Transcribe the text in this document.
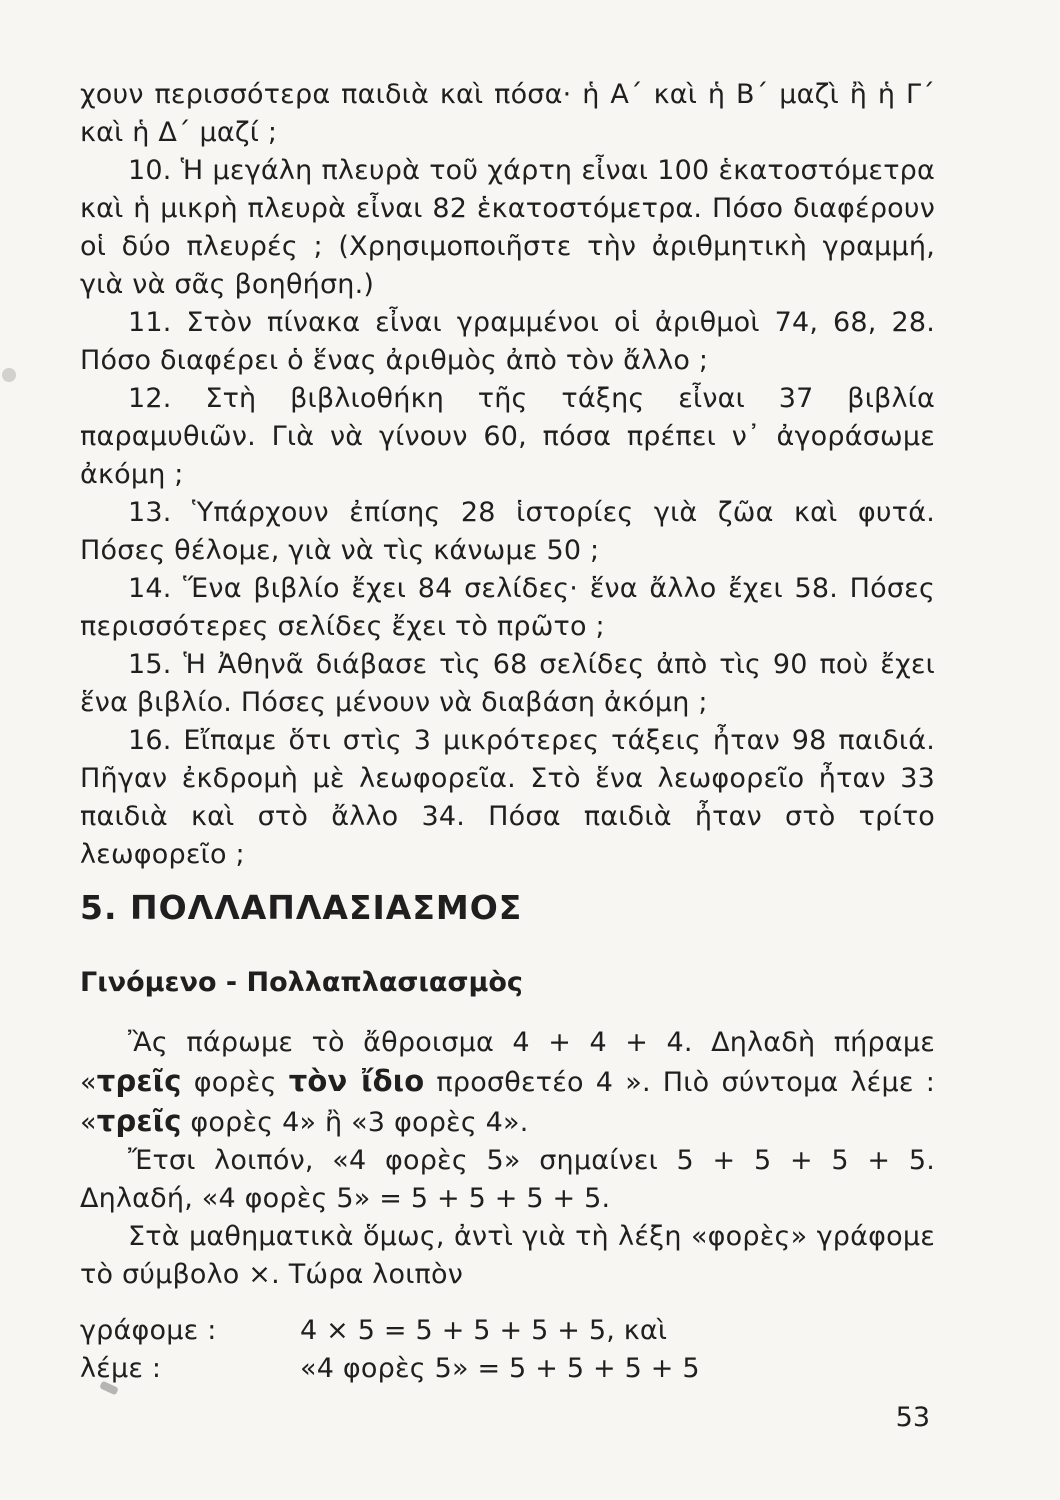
χουν περισσότερα παιδιὰ καὶ πόσα· ἡ Α΄ καὶ ἡ Β΄ μαζὶ ἢ ἡ Γ΄ καὶ ἡ Δ΄ μαζί ;

10. Ἡ μεγάλη πλευρὰ τοῦ χάρτη εἶναι 100 ἑκατοστόμετρα καὶ ἡ μικρὴ πλευρὰ εἶναι 82 ἑκατοστόμετρα. Πόσο διαφέρουν οἱ δύο πλευρές ; (Χρησιμοποιῆστε τὴν ἀριθμητικὴ γραμμή, γιὰ νὰ σᾶς βοηθήση.)

11. Στὸν πίνακα εἶναι γραμμένοι οἱ ἀριθμοὶ 74, 68, 28. Πόσο διαφέρει ὁ ἕνας ἀριθμὸς ἀπὸ τὸν ἄλλο ;

12. Στὴ βιβλιοθήκη τῆς τάξης εἶναι 37 βιβλία παραμυθιῶν. Γιὰ νὰ γίνουν 60, πόσα πρέπει ν᾽ ἀγοράσωμε ἀκόμη ;

13. Ὑπάρχουν ἐπίσης 28 ἱστορίες γιὰ ζῶα καὶ φυτά. Πόσες θέλομε, γιὰ νὰ τὶς κάνωμε 50 ;

14. Ἕνα βιβλίο ἔχει 84 σελίδες· ἕνα ἄλλο ἔχει 58. Πόσες περισσότερες σελίδες ἔχει τὸ πρῶτο ;

15. Ἡ Ἀθηνᾶ διάβασε τὶς 68 σελίδες ἀπὸ τὶς 90 ποὺ ἔχει ἕνα βιβλίο. Πόσες μένουν νὰ διαβάση ἀκόμη ;

16. Εἴπαμε ὅτι στὶς 3 μικρότερες τάξεις ἦταν 98 παιδιά. Πῆγαν ἐκδρομὴ μὲ λεωφορεῖα. Στὸ ἕνα λεωφορεῖο ἦταν 33 παιδιὰ καὶ στὸ ἄλλο 34. Πόσα παιδιὰ ἦταν στὸ τρίτο λεωφορεῖο ;

5. ΠΟΛΛΑΠΛΑΣΙΑΣΜΟΣ
Γινόμενο - Πολλαπλασιασμὸς

Ἂς πάρωμε τὸ ἄθροισμα 4 + 4 + 4. Δηλαδὴ πήραμε «τρεῖς φορὲς τὸν ἴδιο προσθετέο 4 ». Πιὸ σύντομα λέμε : «τρεῖς φορὲς 4» ἢ «3 φορὲς 4».

Ἔτσι λοιπόν, «4 φορὲς 5» σημαίνει 5 + 5 + 5 + 5. Δηλαδή, «4 φορὲς 5» = 5 + 5 + 5 + 5.

Στὰ μαθηματικὰ ὅμως, ἀντὶ γιὰ τὴ λέξη «φορὲς» γράφομε τὸ σύμβολο ×. Τώρα λοιπὸν

γράφομε :	4 × 5 = 5 + 5 + 5 + 5, καὶ
λέμε :	«4 φορὲς 5» = 5 + 5 + 5 + 5
53
